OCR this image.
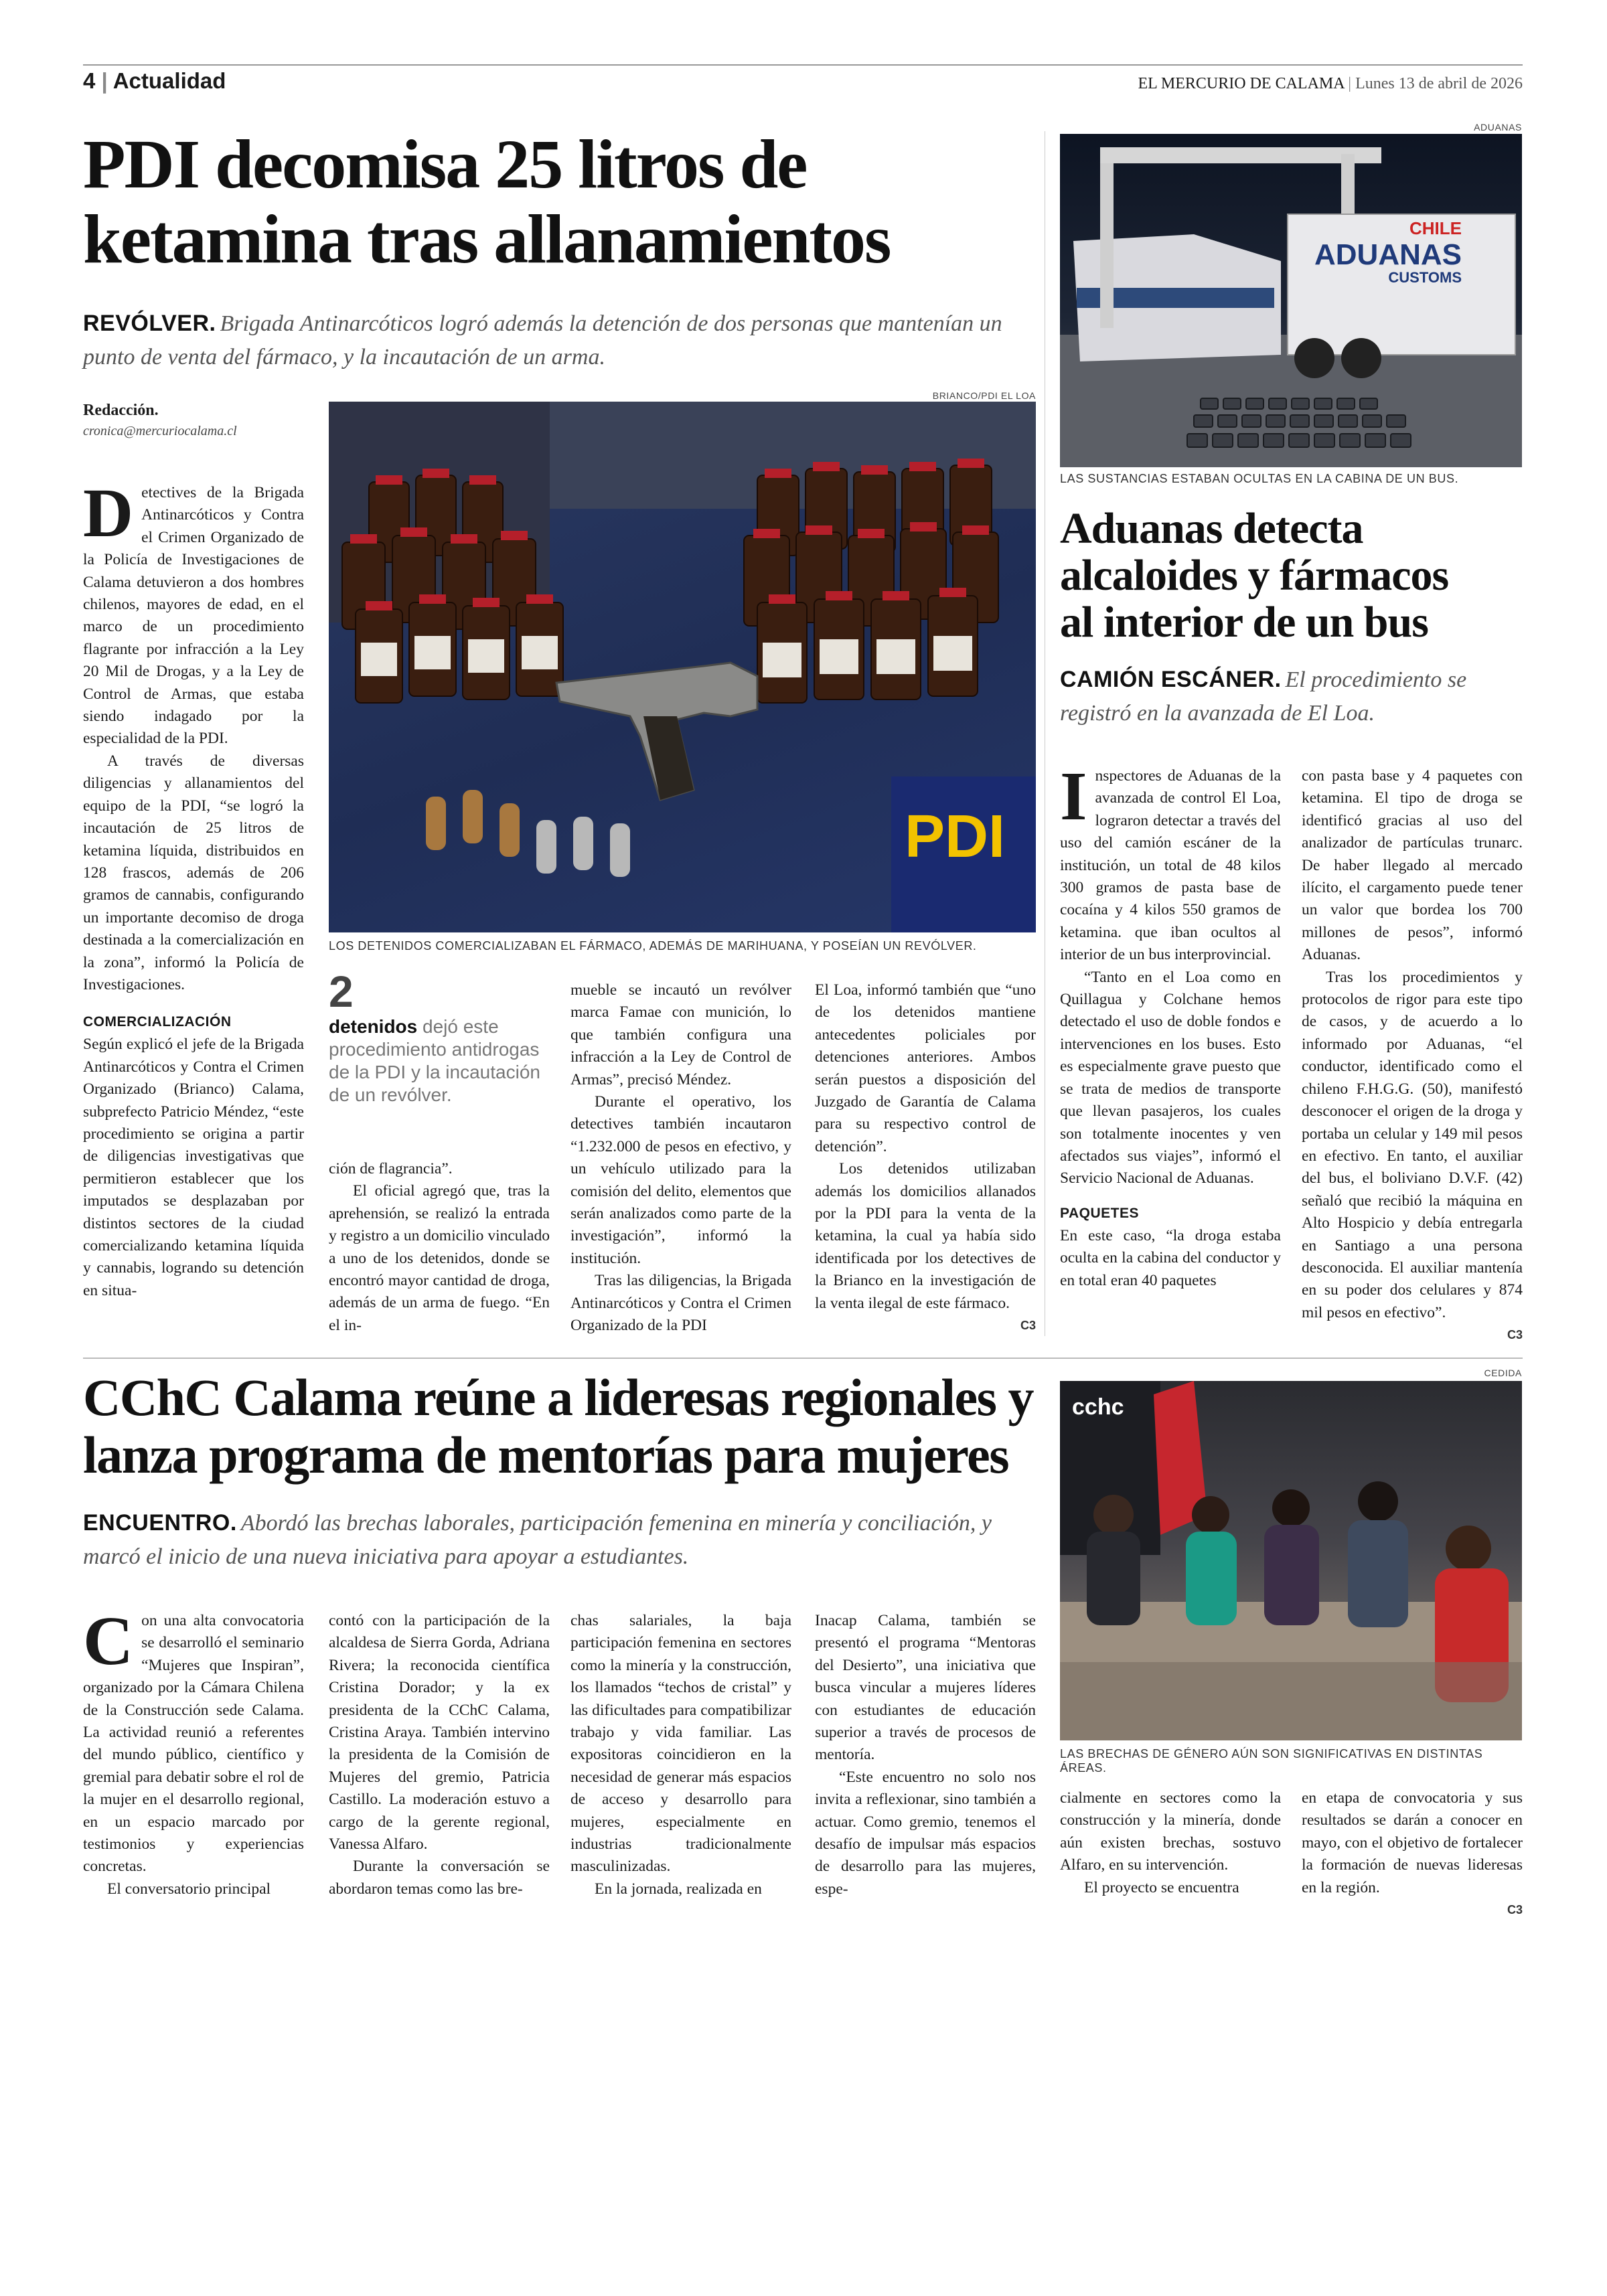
4 | Actualidad	EL MERCURIO DE CALAMA | Lunes 13 de abril de 2026
PDI decomisa 25 litros de
ketamina tras allanamientos
REVÓLVER. Brigada Antinarcóticos logró además la detención de dos personas que mantenían un punto de venta del fármaco, y la incautación de un arma.
Redacción.
cronica@mercuriocalama.cl
BRIANCO/PDI EL LOA
PDI
LOS DETENIDOS COMERCIALIZABAN EL FÁRMACO, ADEMÁS DE MARIHUANA, Y POSEÍAN UN REVÓLVER.

Detectives de la Brigada Antinarcóticos y Contra el Crimen Organizado de la Policía de Investigaciones de Calama detuvieron a dos hombres chilenos, mayores de edad, en el marco de un procedimiento flagrante por infracción a la Ley 20 Mil de Drogas, y a la Ley de Control de Armas, que estaba siendo indagado por la especialidad de la PDI.

A través de diversas diligencias y allanamientos del equipo de la PDI, “se logró la incautación de 25 litros de ketamina líquida, distribuidos en 128 frascos, además de 206 gramos de cannabis, configurando un importante decomiso de droga destinada a la comercialización en la zona”, informó la Policía de Investigaciones.

COMERCIALIZACIÓN

Según explicó el jefe de la Brigada Antinarcóticos y Contra el Crimen Organizado (Brianco) Calama, subprefecto Patricio Méndez, “este procedimiento se origina a partir de diligencias investigativas que permitieron establecer que los imputados se desplazaban por distintos sectores de la ciudad comercializando ketamina líquida y cannabis, logrando su detención en situa-

2
detenidos dejó este procedimiento antidrogas de la PDI y la incautación de un revólver.

ción de flagrancia”.

El oficial agregó que, tras la aprehensión, se realizó la entrada y registro a un domicilio vinculado a uno de los detenidos, donde se encontró mayor cantidad de droga, además de un arma de fuego. “En el in-

mueble se incautó un revólver marca Famae con munición, lo que también configura una infracción a la Ley de Control de Armas”, precisó Méndez.

Durante el operativo, los detectives también incautaron “1.232.000 de pesos en efectivo, y un vehículo utilizado para la comisión del delito, elementos que serán analizados como parte de la investigación”, informó la institución.

Tras las diligencias, la Brigada Antinarcóticos y Contra el Crimen Organizado de la PDI

El Loa, informó también que “uno de los detenidos mantiene antecedentes policiales por detenciones anteriores. Ambos serán puestos a disposición del Juzgado de Garantía de Calama para su respectivo control de detención”.

Los detenidos utilizaban además los domicilios allanados por la PDI para la venta de la ketamina, la cual ya había sido identificada por los detectives de la Brianco en la investigación de la venta ilegal de este fármaco.

C3
ADUANAS
CHILE
ADUANAS
CUSTOMS
LAS SUSTANCIAS ESTABAN OCULTAS EN LA CABINA DE UN BUS.
Aduanas detecta
alcaloides y fármacos
al interior de un bus
CAMIÓN ESCÁNER. El procedimiento se registró en la avanzada de El Loa.

Inspectores de Aduanas de la avanzada de control El Loa, lograron detectar a través del uso del camión escáner de la institución, un total de 48 kilos 300 gramos de pasta base de cocaína y 4 kilos 550 gramos de ketamina. que iban ocultos al interior de un bus interprovincial.

“Tanto en el Loa como en Quillagua y Colchane hemos detectado el uso de doble fondos e intervenciones en los buses. Esto es especialmente grave puesto que se trata de medios de transporte que llevan pasajeros, los cuales son totalmente inocentes y ven afectados sus viajes”, informó el Servicio Nacional de Aduanas.

PAQUETES

En este caso, “la droga estaba oculta en la cabina del conductor y en total eran 40 paquetes

con pasta base y 4 paquetes con ketamina. El tipo de droga se identificó gracias al uso del analizador de partículas trunarc. De haber llegado al mercado ilícito, el cargamento puede tener un valor que bordea los 700 millones de pesos”, informó Aduanas.

Tras los procedimientos y protocolos de rigor para este tipo de casos, y de acuerdo a lo informado por Aduanas, “el conductor, identificado como el chileno F.H.G.G. (50), manifestó desconocer el origen de la droga y portaba un celular y 149 mil pesos en efectivo. En tanto, el auxiliar del bus, el boliviano D.V.F. (42) señaló que recibió la máquina en Alto Hospicio y debía entregarla en Santiago a una persona desconocida. El auxiliar mantenía en su poder dos celulares y 874 mil pesos en efectivo”.

C3
CChC Calama reúne a lideresas regionales y
lanza programa de mentorías para mujeres
ENCUENTRO. Abordó las brechas laborales, participación femenina en minería y conciliación, y marcó el inicio de una nueva iniciativa para apoyar a estudiantes.
CEDIDA
cchc
LAS BRECHAS DE GÉNERO AÚN SON SIGNIFICATIVAS EN DISTINTAS ÁREAS.

Con una alta convocatoria se desarrolló el seminario “Mujeres que Inspiran”, organizado por la Cámara Chilena de la Construcción sede Calama. La actividad reunió a referentes del mundo público, científico y gremial para debatir sobre el rol de la mujer en el desarrollo regional, en un espacio marcado por testimonios y experiencias concretas.

El conversatorio principal

contó con la participación de la alcaldesa de Sierra Gorda, Adriana Rivera; la reconocida científica Cristina Dorador; y la ex presidenta de la CChC Calama, Cristina Araya. También intervino la presidenta de la Comisión de Mujeres del gremio, Patricia Castillo. La moderación estuvo a cargo de la gerente regional, Vanessa Alfaro.

Durante la conversación se abordaron temas como las bre-

chas salariales, la baja participación femenina en sectores como la minería y la construcción, los llamados “techos de cristal” y las dificultades para compatibilizar trabajo y vida familiar. Las expositoras coincidieron en la necesidad de generar más espacios de acceso y desarrollo para mujeres, especialmente en industrias tradicionalmente masculinizadas.

En la jornada, realizada en

Inacap Calama, también se presentó el programa “Mentoras del Desierto”, una iniciativa que busca vincular a mujeres líderes con estudiantes de educación superior a través de procesos de mentoría.

“Este encuentro no solo nos invita a reflexionar, sino también a actuar. Como gremio, tenemos el desafío de impulsar más espacios de desarrollo para las mujeres, espe-

cialmente en sectores como la construcción y la minería, donde aún existen brechas, sostuvo Alfaro, en su intervención.

El proyecto se encuentra

en etapa de convocatoria y sus resultados se darán a conocer en mayo, con el objetivo de fortalecer la formación de nuevas lideresas en la región.

C3
